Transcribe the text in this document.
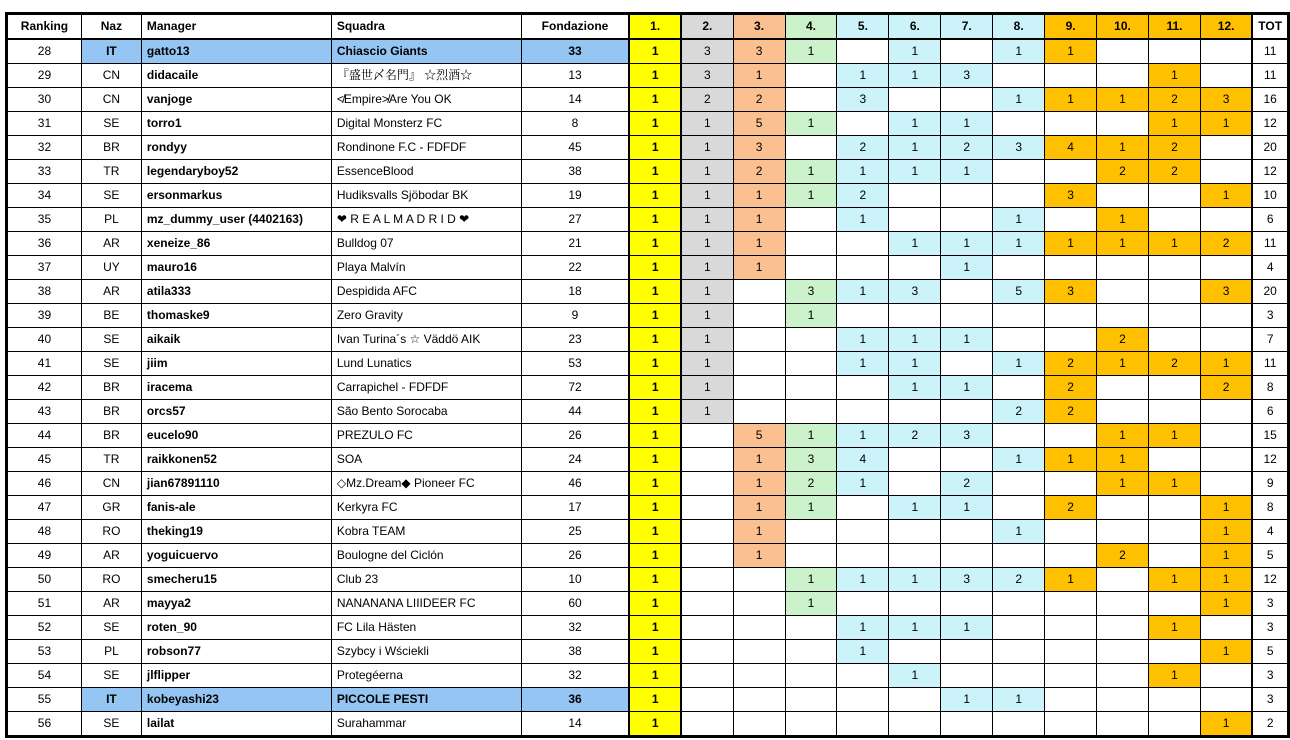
Ranking	Naz	Manager	Squadra	Fondazione	1.	2.	3.	4.	5.	6.	7.	8.	9.	10.	11.	12.	TOT
28	IT	gatto13	Chiascio Giants	33	1	3	3	1		1		1	1				11
29	CN	didacaile	『盛世〆名門』 ☆烈酒☆	13	1	3	1		1	1	3				1		11
30	CN	vanjoge	≮Empire≯Are You OK	14	1	2	2		3			1	1	1	2	3	16
31	SE	torro1	Digital Monsterz FC	8	1	1	5	1		1	1				1	1	12
32	BR	rondyy	Rondinone F.C - FDFDF	45	1	1	3		2	1	2	3	4	1	2		20
33	TR	legendaryboy52	EssenceBlood	38	1	1	2	1	1	1	1			2	2		12
34	SE	ersonmarkus	Hudiksvalls Sjöbodar BK	19	1	1	1	1	2				3			1	10
35	PL	mz_dummy_user (4402163)	❤ R E A L M A D R I D ❤	27	1	1	1		1			1		1			6
36	AR	xeneize_86	Bulldog 07	21	1	1	1			1	1	1	1	1	1	2	11
37	UY	mauro16	Playa Malvín	22	1	1	1				1						4
38	AR	atila333	Despidida AFC	18	1	1		3	1	3		5	3			3	20
39	BE	thomaske9	Zero Gravity	9	1	1		1									3
40	SE	aikaik	Ivan Turina´s ☆ Väddö AIK	23	1	1			1	1	1			2			7
41	SE	jiim	Lund Lunatics	53	1	1			1	1		1	2	1	2	1	11
42	BR	iracema	Carrapichel - FDFDF	72	1	1				1	1		2			2	8
43	BR	orcs57	São Bento Sorocaba	44	1	1						2	2				6
44	BR	eucelo90	PREZULO FC	26	1		5	1	1	2	3			1	1		15
45	TR	raikkonen52	SOA	24	1		1	3	4			1	1	1			12
46	CN	jian67891110	◇Mz.Dream◆ Pioneer FC	46	1		1	2	1		2			1	1		9
47	GR	fanis-ale	Kerkyra FC	17	1		1	1		1	1		2			1	8
48	RO	theking19	Kobra TEAM	25	1		1					1				1	4
49	AR	yoguicuervo	Boulogne del Ciclón	26	1		1							2		1	5
50	RO	smecheru15	Club 23	10	1			1	1	1	3	2	1		1	1	12
51	AR	mayya2	NANANANA LIIIDEER FC	60	1			1								1	3
52	SE	roten_90	FC Lila Hästen	32	1				1	1	1				1		3
53	PL	robson77	Szybcy i Wściekli	38	1				1							1	5
54	SE	jlflipper	Protegéerna	32	1					1					1		3
55	IT	kobeyashi23	PICCOLE PESTI	36	1						1	1					3
56	SE	lailat	Surahammar	14	1											1	2
